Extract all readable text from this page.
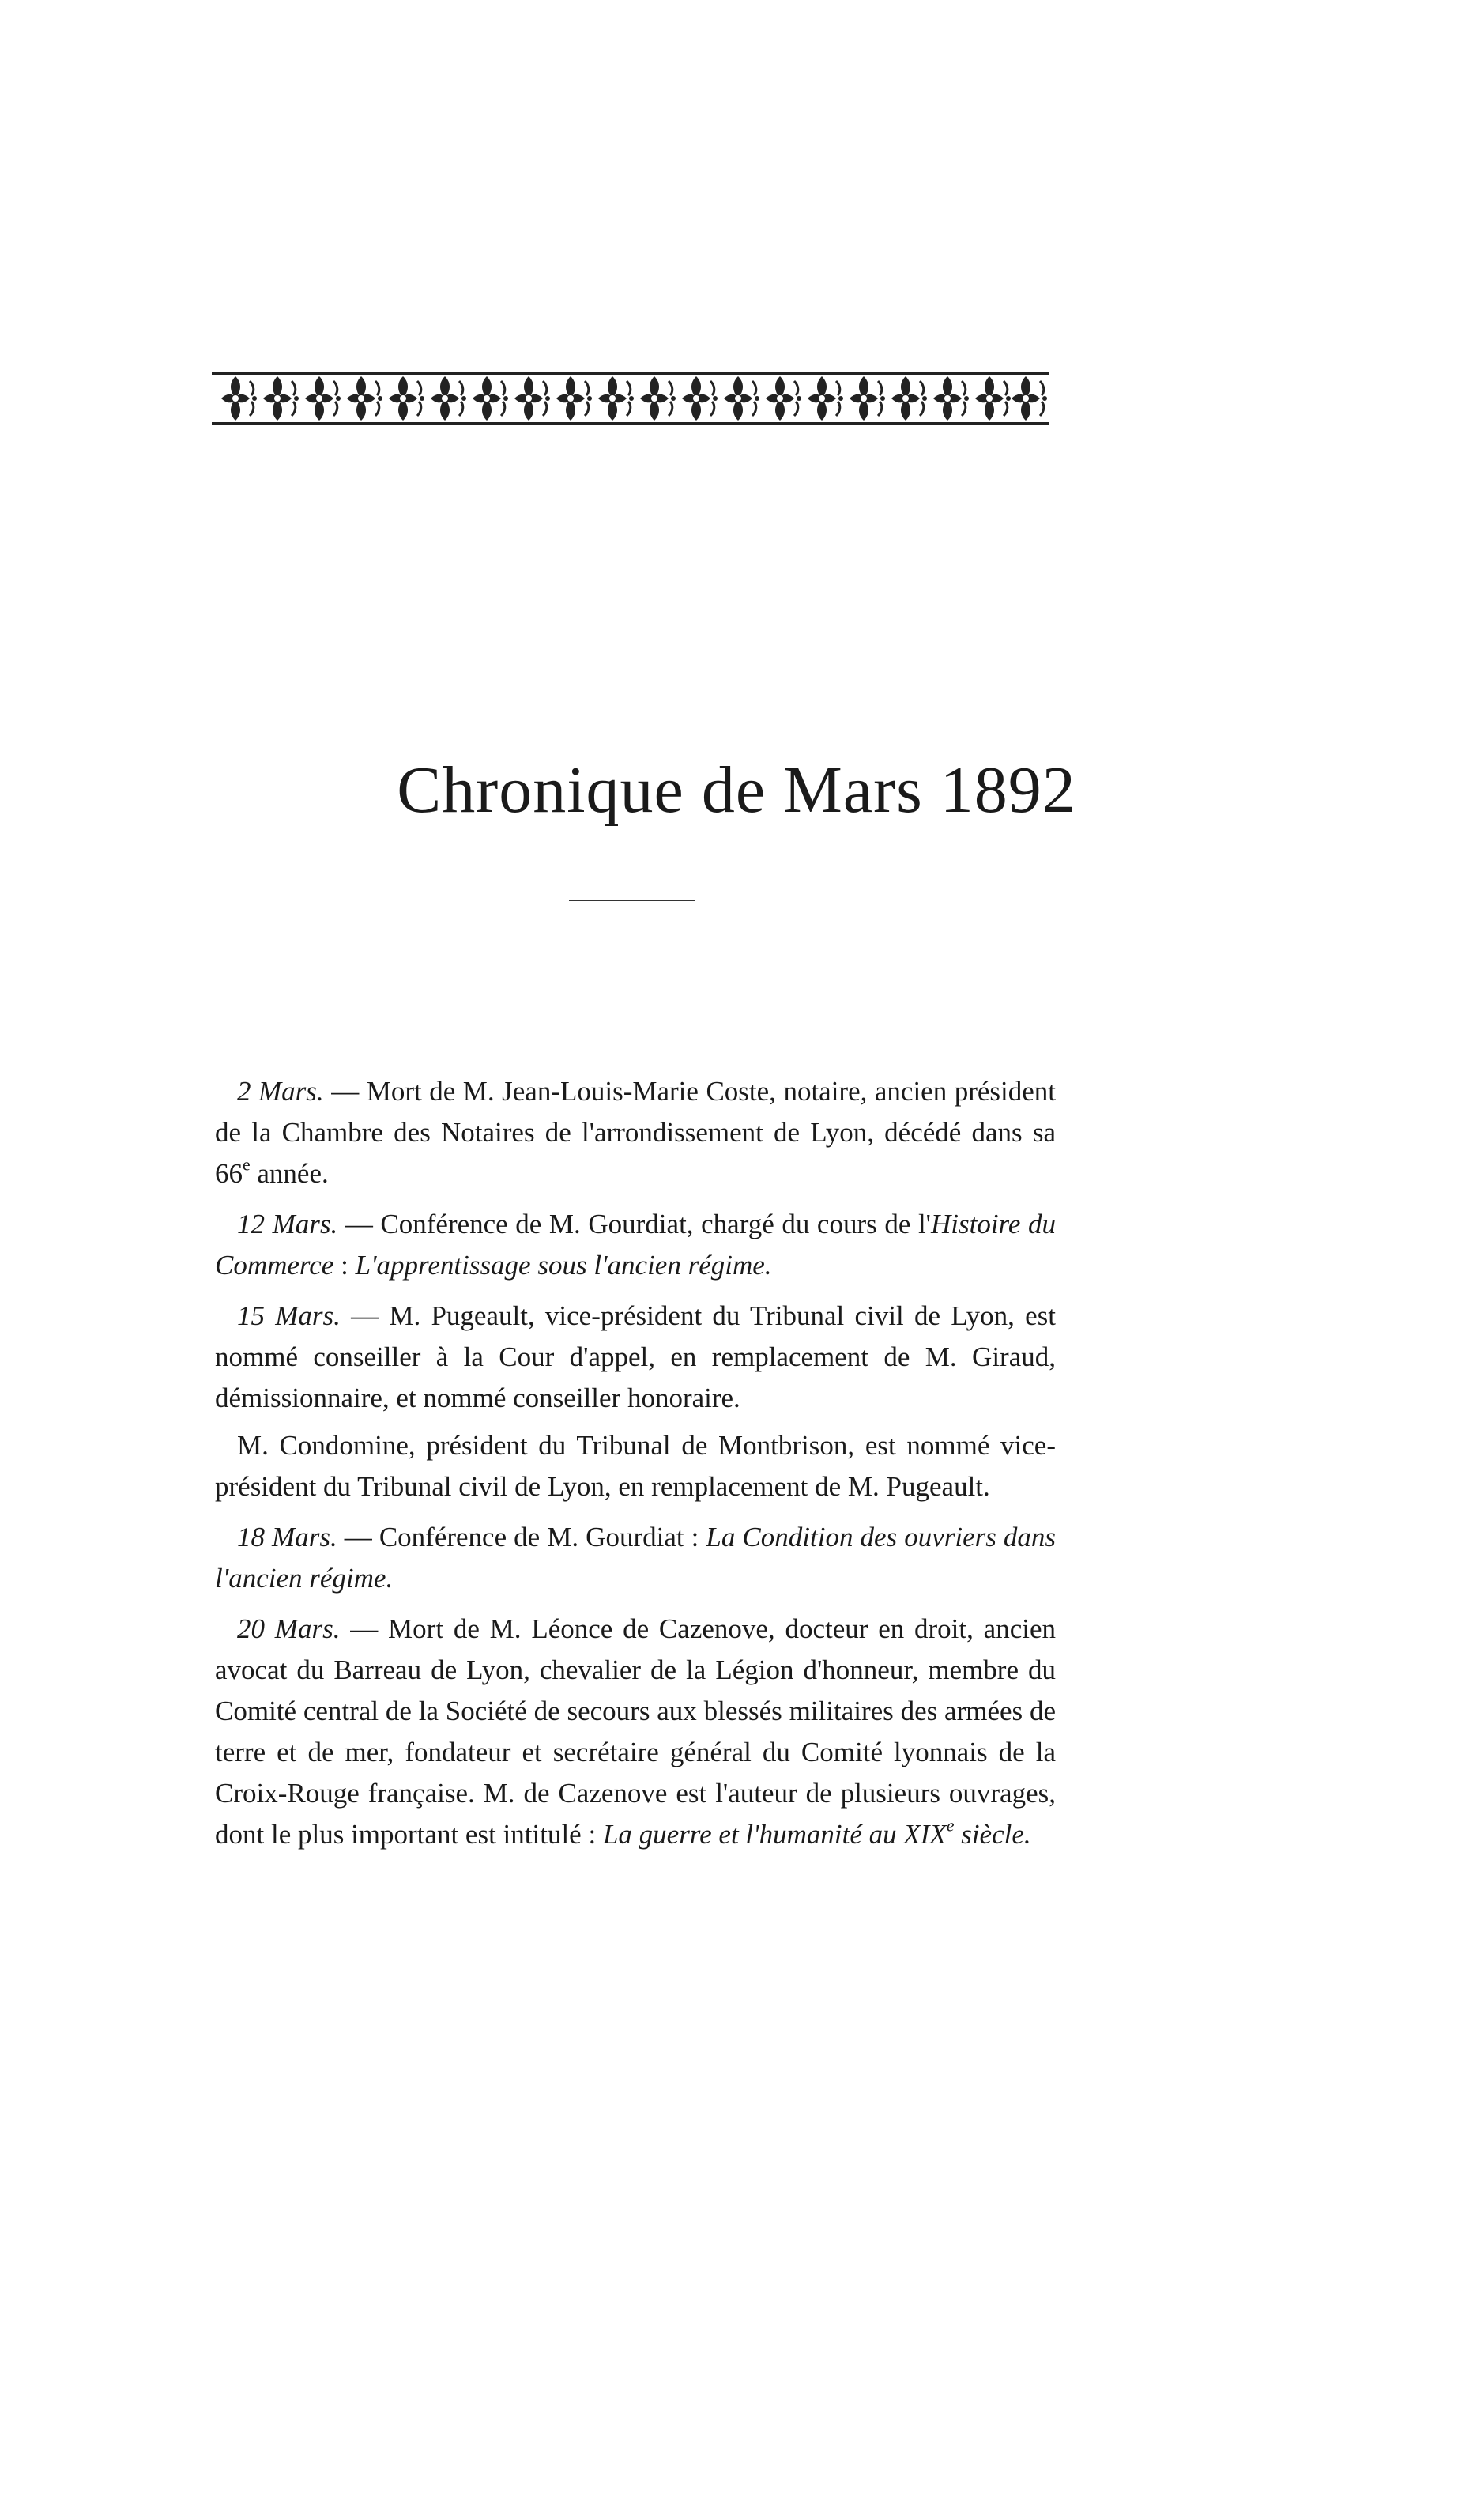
Chronique de Mars 1892

2 Mars. — Mort de M. Jean-Louis-Marie Coste, notaire, ancien président de la Chambre des Notaires de l'arrondissement de Lyon, décédé dans sa 66e année.

12 Mars. — Conférence de M. Gourdiat, chargé du cours de l'Histoire du Commerce : L'apprentissage sous l'ancien régime.

15 Mars. — M. Pugeault, vice-président du Tribunal civil de Lyon, est nommé conseiller à la Cour d'appel, en remplacement de M. Giraud, démissionnaire, et nommé conseiller honoraire.

M. Condomine, président du Tribunal de Montbrison, est nommé vice-président du Tribunal civil de Lyon, en remplacement de M. Pugeault.

18 Mars. — Conférence de M. Gourdiat : La Condition des ouvriers dans l'ancien régime.

20 Mars. — Mort de M. Léonce de Cazenove, docteur en droit, ancien avocat du Barreau de Lyon, chevalier de la Légion d'honneur, membre du Comité central de la Société de secours aux blessés militaires des armées de terre et de mer, fondateur et secrétaire général du Comité lyonnais de la Croix-Rouge française. M. de Cazenove est l'auteur de plusieurs ouvrages, dont le plus important est intitulé : La guerre et l'humanité au XIXe siècle.
